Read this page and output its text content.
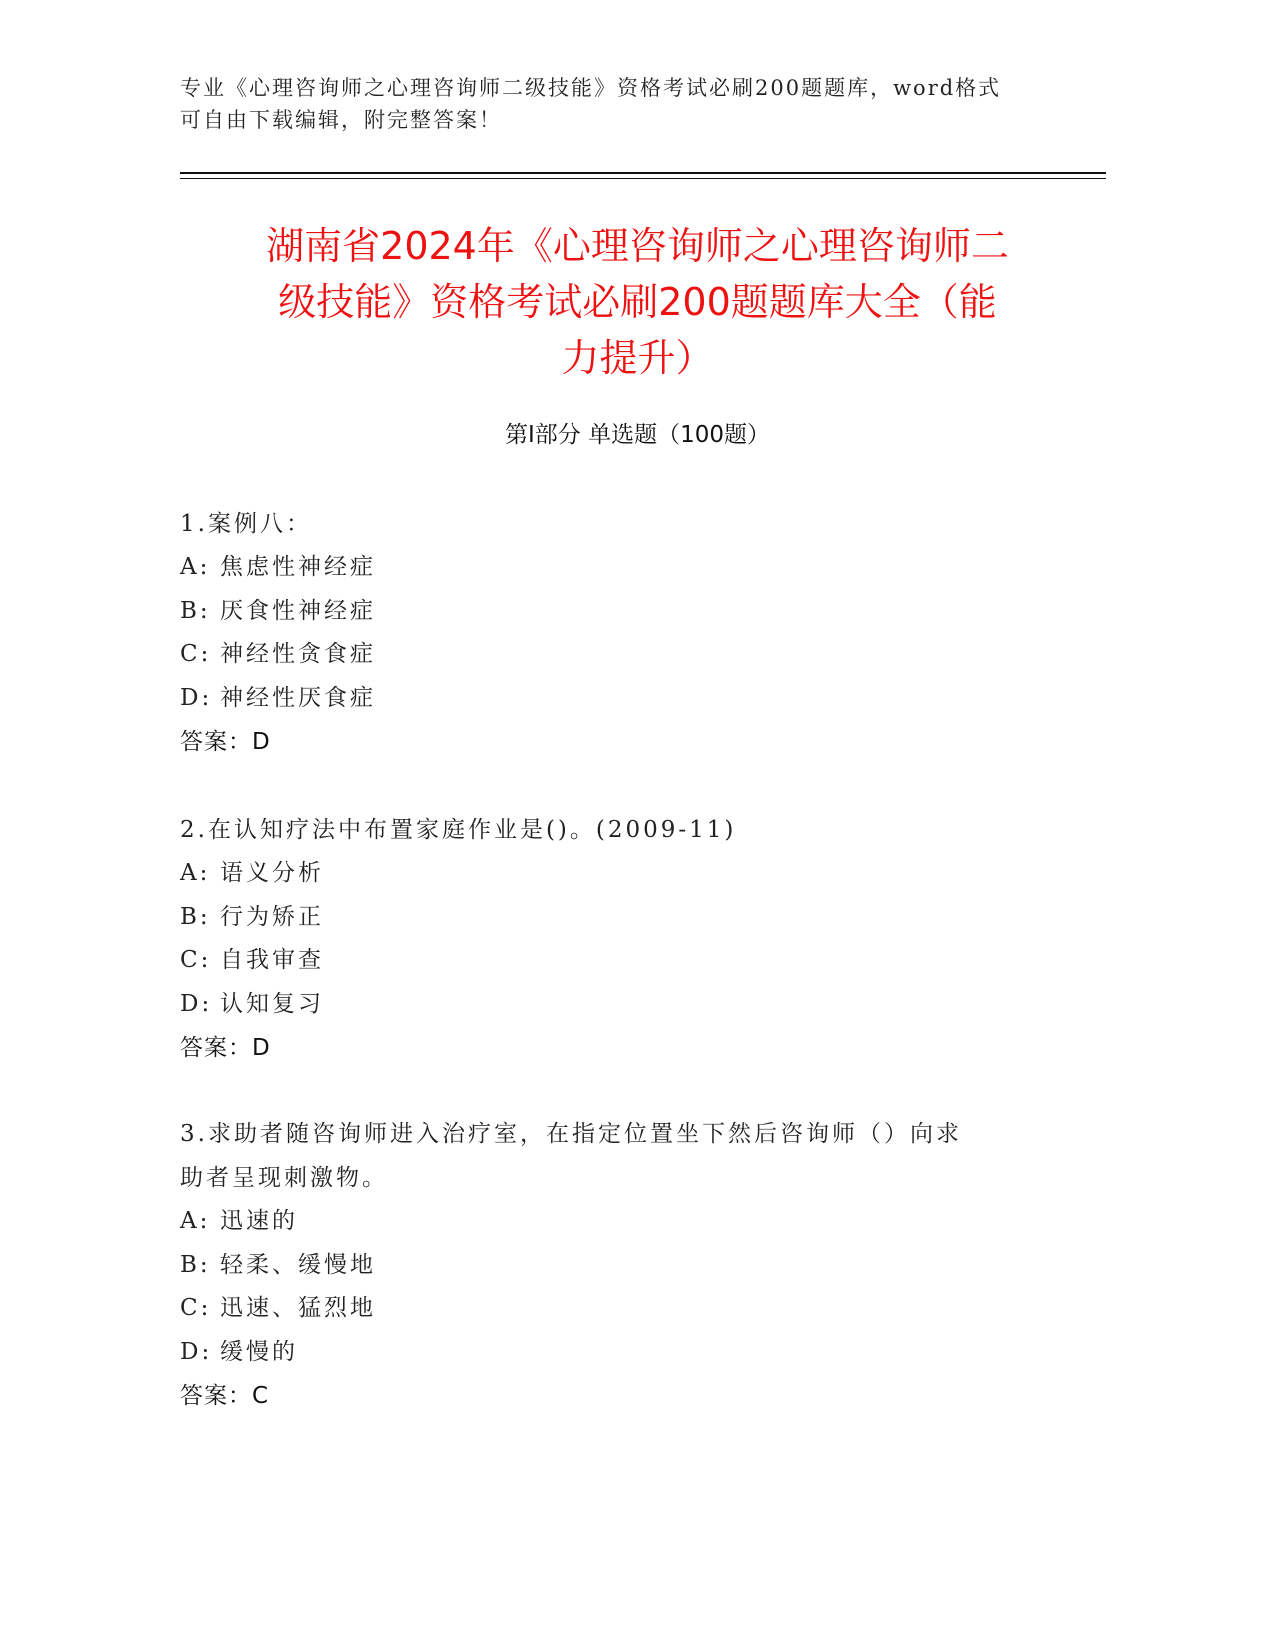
专业《心理咨询师之心理咨询师二级技能》资格考试必刷200题题库，word格式
可自由下载编辑，附完整答案！
湖南省2024年《心理咨询师之心理咨询师二
级技能》资格考试必刷200题题库大全（能
力提升）
第Ⅰ部分 单选题（100题）
1.案例八：
A: 焦虑性神经症
B: 厌食性神经症
C: 神经性贪食症
D: 神经性厌食症
答案：D
2.在认知疗法中布置家庭作业是()。(2009-11)
A: 语义分析
B: 行为矫正
C: 自我审查
D: 认知复习
答案：D
3.求助者随咨询师进入治疗室，在指定位置坐下然后咨询师（）向求
助者呈现刺激物。
A: 迅速的
B: 轻柔、缓慢地
C: 迅速、猛烈地
D: 缓慢的
答案：C
